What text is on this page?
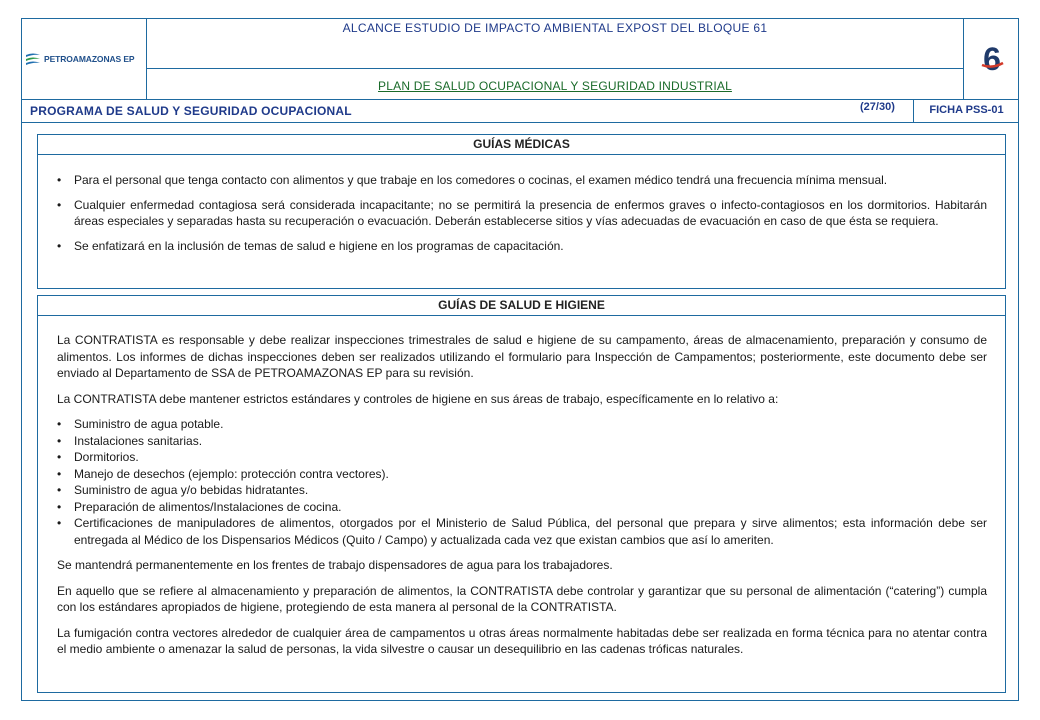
PETROAMAZONAS EP
ALCANCE ESTUDIO DE IMPACTO AMBIENTAL EXPOST DEL BLOQUE 61
PLAN DE SALUD OCUPACIONAL Y SEGURIDAD INDUSTRIAL
6
PROGRAMA DE SALUD Y SEGURIDAD OCUPACIONAL	(27/30)	FICHA PSS-01
GUÍAS MÉDICAS
•	Para el personal que tenga contacto con alimentos y que trabaje en los comedores o cocinas, el examen médico tendrá una frecuencia mínima mensual.
•	Cualquier enfermedad contagiosa será considerada incapacitante; no se permitirá la presencia de enfermos graves o infecto-contagiosos en los dormitorios. Habitarán áreas especiales y separadas hasta su recuperación o evacuación. Deberán establecerse sitios y vías adecuadas de evacuación en caso de que ésta se requiera.
•	Se enfatizará en la inclusión de temas de salud e higiene en los programas de capacitación.
GUÍAS DE SALUD E HIGIENE

La CONTRATISTA es responsable y debe realizar inspecciones trimestrales de salud e higiene de su campamento, áreas de almacenamiento, preparación y consumo de alimentos. Los informes de dichas inspecciones deben ser realizados utilizando el formulario para Inspección de Campamentos; posteriormente, este documento debe ser enviado al Departamento de SSA de PETROAMAZONAS EP para su revisión.

La CONTRATISTA debe mantener estrictos estándares y controles de higiene en sus áreas de trabajo, específicamente en lo relativo a:

•	Suministro de agua potable.
•	Instalaciones sanitarias.
•	Dormitorios.
•	Manejo de desechos (ejemplo: protección contra vectores).
•	Suministro de agua y/o bebidas hidratantes.
•	Preparación de alimentos/Instalaciones de cocina.
•	Certificaciones de manipuladores de alimentos, otorgados por el Ministerio de Salud Pública, del personal que prepara y sirve alimentos; esta información debe ser entregada al Médico de los Dispensarios Médicos (Quito / Campo) y actualizada cada vez que existan cambios que así lo ameriten.

Se mantendrá permanentemente en los frentes de trabajo dispensadores de agua para los trabajadores.

En aquello que se refiere al almacenamiento y preparación de alimentos, la CONTRATISTA debe controlar y garantizar que su personal de alimentación (“catering”) cumpla con los estándares apropiados de higiene, protegiendo de esta manera al personal de la CONTRATISTA.

La fumigación contra vectores alrededor de cualquier área de campamentos u otras áreas normalmente habitadas debe ser realizada en forma técnica para no atentar contra el medio ambiente o amenazar la salud de personas, la vida silvestre o causar un desequilibrio en las cadenas tróficas naturales.
